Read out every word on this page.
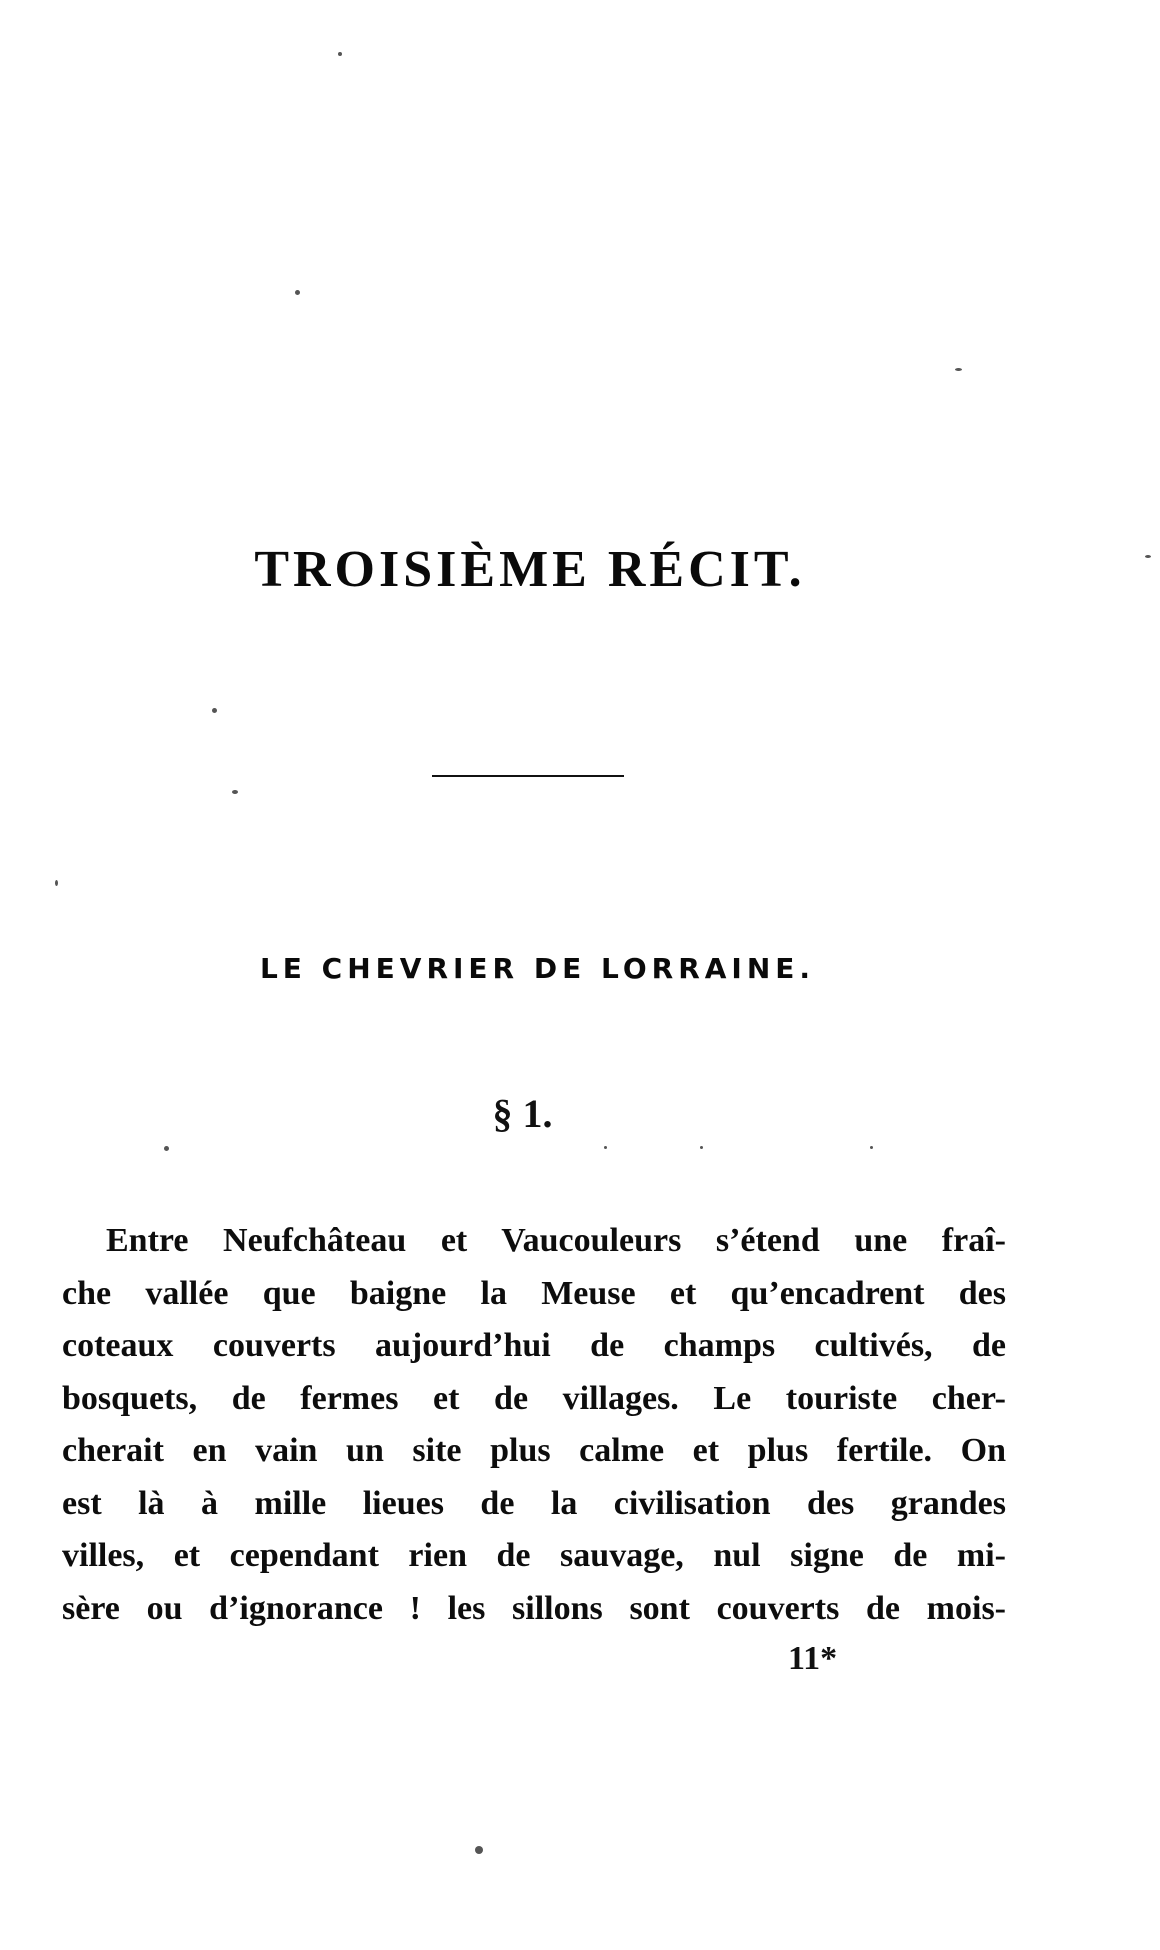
TROISIÈME RÉCIT.
LE CHEVRIER DE LORRAINE.
§ 1.
Entre Neufchâteau et Vaucouleurs s’étend une fraî-
che vallée que baigne la Meuse et qu’encadrent des
coteaux couverts aujourd’hui de champs cultivés, de
bosquets, de fermes et de villages. Le touriste cher-
cherait en vain un site plus calme et plus fertile. On
est là à mille lieues de la civilisation des grandes
villes, et cependant rien de sauvage, nul signe de mi-
sère ou d’ignorance ! les sillons sont couverts de mois-
11*
